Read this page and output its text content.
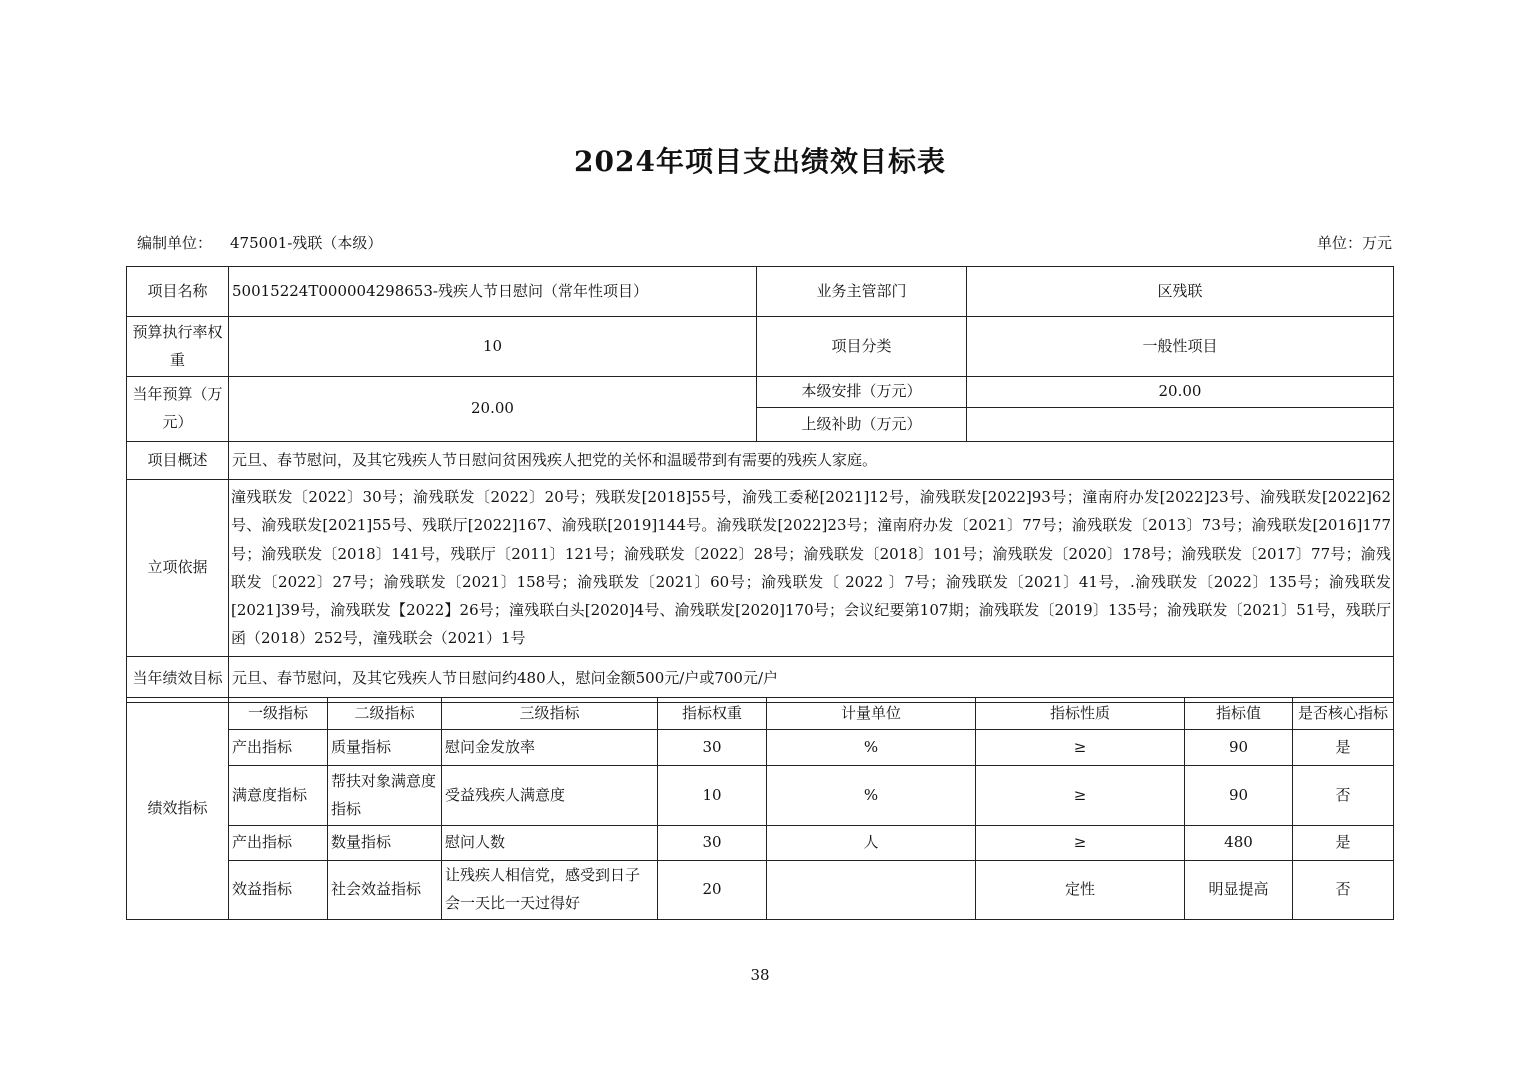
2024年项目支出绩效目标表
编制单位： 475001-残联（本级）	单位：万元
项目名称	50015224T000004298653-残疾人节日慰问（常年性项目）	业务主管部门	区残联
预算执行率权重	10	项目分类	一般性项目
当年预算（万元）	20.00	本级安排（万元）	20.00
		上级补助（万元）	
项目概述	元旦、春节慰问，及其它残疾人节日慰问贫困残疾人把党的关怀和温暖带到有需要的残疾人家庭。		
立项依据	潼残联发〔2022〕30号；渝残联发〔2022〕20号；残联发[2018]55号，渝残工委秘[2021]12号，渝残联发[2022]93号；潼南府办发[2022]23号、渝残联发[2022]62号、渝残联发[2021]55号、残联厅[2022]167、渝残联[2019]144号。渝残联发[2022]23号；潼南府办发〔2021〕77号；渝残联发〔2013〕73号；渝残联发[2016]177号；渝残联发〔2018〕141号，残联厅〔2011〕121号；渝残联发〔2022〕28号；渝残联发〔2018〕101号；渝残联发〔2020〕178号；渝残联发〔2017〕77号；渝残联发〔2022〕27号；渝残联发〔2021〕158号；渝残联发〔2021〕60号；渝残联发〔 2022 〕7号；渝残联发〔2021〕41号，.渝残联发〔2022〕135号；渝残联发[2021]39号，渝残联发【2022】26号；潼残联白头[2020]4号、渝残联发[2020]170号；会议纪要第107期；渝残联发〔2019〕135号；渝残联发〔2021〕51号，残联厅函（2018）252号，潼残联会（2021）1号		
当年绩效目标	元旦、春节慰问，及其它残疾人节日慰问约480人，慰问金额500元/户或700元/户		
绩效指标	一级指标	二级指标	三级指标	指标权重	计量单位	指标性质	指标值	是否核心指标
	产出指标	质量指标	慰问金发放率	30	%	≥	90	是
	满意度指标	帮扶对象满意度指标	受益残疾人满意度	10	%	≥	90	否
	产出指标	数量指标	慰问人数	30	人	≥	480	是
	效益指标	社会效益指标	让残疾人相信党，感受到日子会一天比一天过得好	20		定性	明显提高	否
38
